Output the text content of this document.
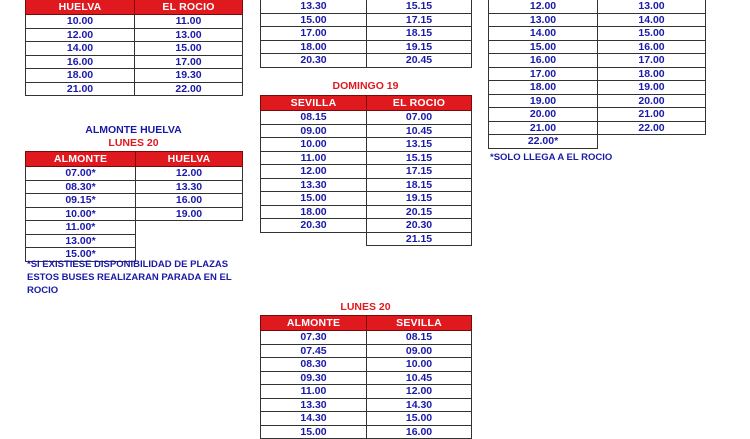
HUELVA	EL ROCIO
10.00	11.00
12.00	13.00
14.00	15.00
16.00	17.00
18.00	19.30
21.00	22.00
13.30	15.15
15.00	17.15
17.00	18.15
18.00	19.15
20.30	20.45
12.00	13.00
13.00	14.00
14.00	15.00
15.00	16.00
16.00	17.00
17.00	18.00
18.00	19.00
19.00	20.00
20.00	21.00
21.00	22.00
22.00*	
*SOLO LLEGA A EL ROCIO
DOMINGO 19
SEVILLA	EL ROCIO
08.15	07.00
09.00	10.45
10.00	13.15
11.00	15.15
12.00	17.15
13.30	18.15
15.00	19.15
18.00	20.15
20.30	20.30
	21.15
ALMONTE HUELVA
LUNES 20
ALMONTE	HUELVA
07.00*	12.00
08.30*	13.30
09.15*	16.00
10.00*	19.00
11.00*	
13.00*	
15.00*	
*SI EXISTIESE DISPONIBILIDAD DE PLAZAS
ESTOS BUSES REALIZARAN PARADA EN EL
ROCIO
LUNES 20
ALMONTE	SEVILLA
07.30	08.15
07.45	09.00
08.30	10.00
09.30	10.45
11.00	12.00
13.30	14.30
14.30	15.00
15.00	16.00
